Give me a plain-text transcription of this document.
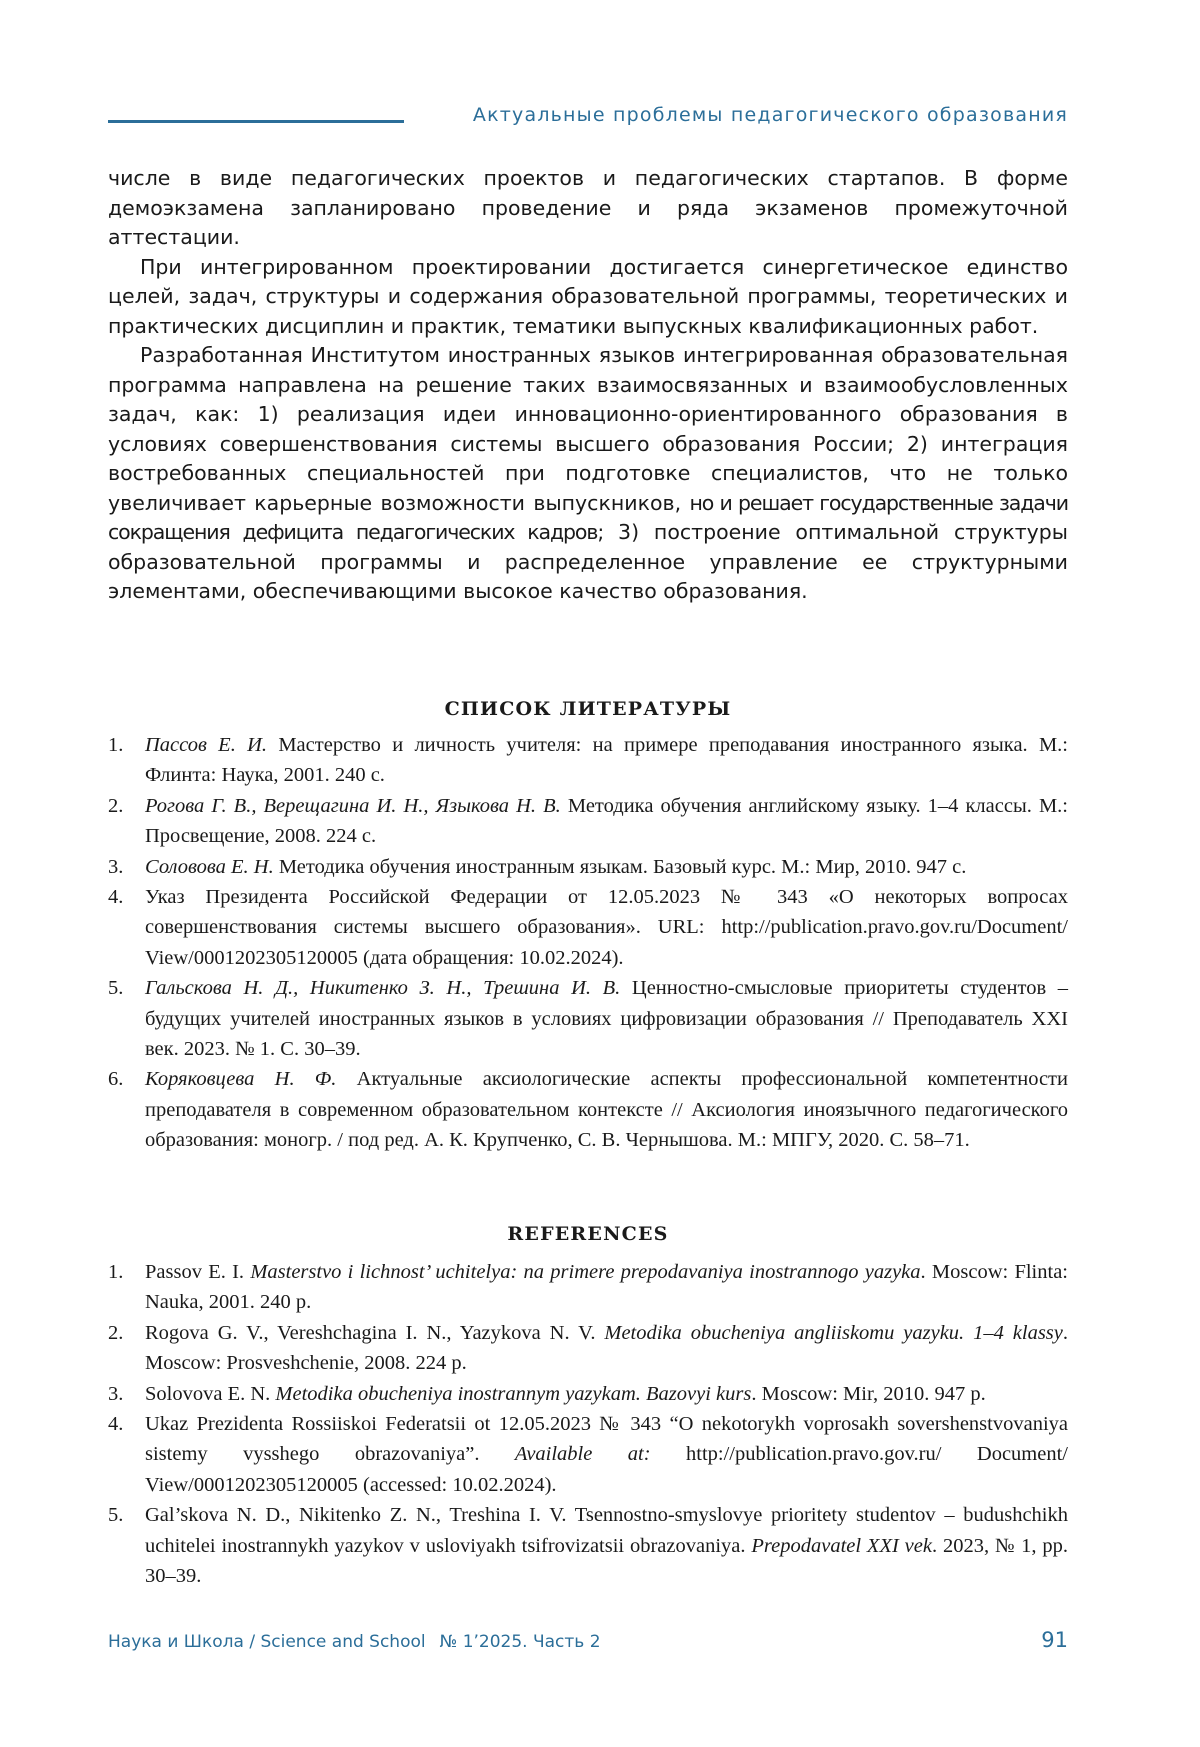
Актуальные проблемы педагогического образования

числе в виде педагогических проектов и педагогических стартапов. В форме демоэкзамена запланировано проведение и ряда экзаменов промежуточной аттестации.

При интегрированном проектировании достигается синергетическое единство целей, задач, структуры и содержания образовательной программы, теоретических и практических дисциплин и практик, тематики выпускных квалификационных работ.

Разработанная Институтом иностранных языков интегрированная образовательная программа направлена на решение таких взаимосвязанных и взаимообусловленных задач, как: 1) реализация идеи инновационно-ориентированного образования в условиях совершенствования системы высшего образования России; 2) интеграция востребованных специальностей при подготовке специалистов, что не только увеличивает карьерные возможности выпускников, но и решает государственные задачи сокращения дефицита педагогических кадров; 3) построение оптимальной структуры образовательной программы и распределенное управление ее структурными элементами, обеспечивающими высокое качество образования.

СПИСОК ЛИТЕРАТУРЫ
1. Пассов Е. И. Мастерство и личность учителя: на примере преподавания иностранного языка. М.: Флинта: Наука, 2001. 240 с.
2. Рогова Г. В., Верещагина И. Н., Языкова Н. В. Методика обучения английскому языку. 1–4 классы. М.: Просвещение, 2008. 224 с.
3. Соловова Е. Н. Методика обучения иностранным языкам. Базовый курс. М.: Мир, 2010. 947 с.
4. Указ Президента Российской Федерации от 12.05.2023 № 343 «О некоторых вопросах совершенствования системы высшего образования». URL: http://publication.pravo.gov.ru/Document/ View/0001202305120005 (дата обращения: 10.02.2024).
5. Гальскова Н. Д., Никитенко З. Н., Трешина И. В. Ценностно-смысловые приоритеты студентов – будущих учителей иностранных языков в условиях цифровизации образования // Преподаватель XXI век. 2023. № 1. С. 30–39.
6. Коряковцева Н. Ф. Актуальные аксиологические аспекты профессиональной компетентности преподавателя в современном образовательном контексте // Аксиология иноязычного педагогического образования: моногр. / под ред. А. К. Крупченко, С. В. Чернышова. М.: МПГУ, 2020. С. 58–71.
REFERENCES
1. Passov E. I. Masterstvo i lichnost’ uchitelya: na primere prepodavaniya inostrannogo yazyka. Moscow: Flinta: Nauka, 2001. 240 p.
2. Rogova G. V., Vereshchagina I. N., Yazykova N. V. Metodika obucheniya angliiskomu yazyku. 1–4 klassy. Moscow: Prosveshchenie, 2008. 224 p.
3. Solovova E. N. Metodika obucheniya inostrannym yazykam. Bazovyi kurs. Moscow: Mir, 2010. 947 p.
4. Ukaz Prezidenta Rossiiskoi Federatsii ot 12.05.2023 № 343 “O nekotorykh voprosakh sovershenstvovaniya sistemy vysshego obrazovaniya”. Available at: http://publication.pravo.gov.ru/ Document/ View/0001202305120005 (accessed: 10.02.2024).
5. Gal’skova N. D., Nikitenko Z. N., Treshina I. V. Tsennostno-smyslovye prioritety studentov – budushchikh uchitelei inostrannykh yazykov v usloviyakh tsifrovizatsii obrazovaniya. Prepodavatel XXI vek. 2023, № 1, pp. 30–39.
Наука и Школа / Science and School № 1’2025. Часть 2	91
